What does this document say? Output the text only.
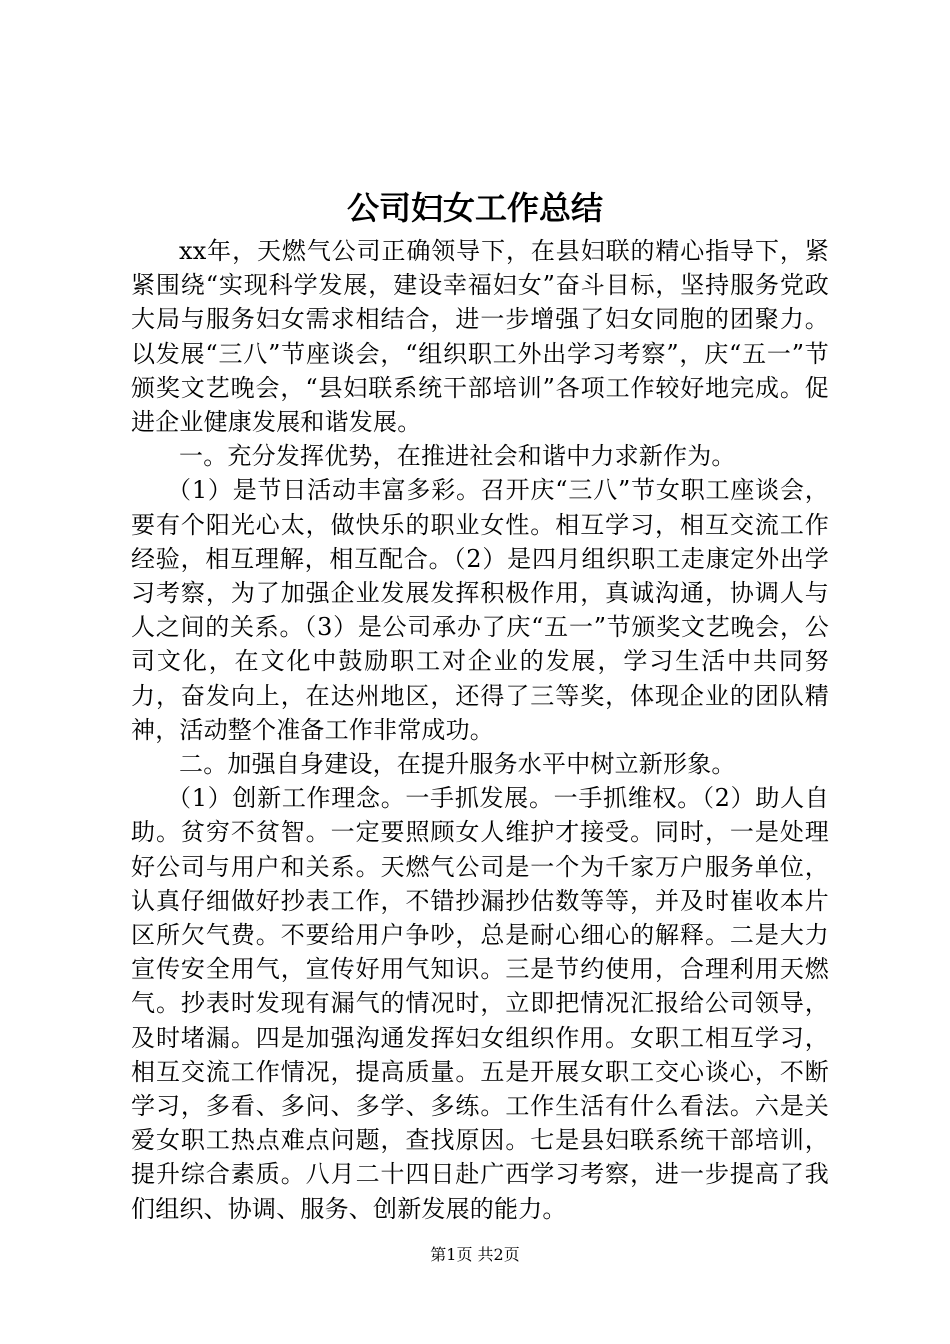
公司妇女工作总结

xx年，天燃气公司正确领导下，在县妇联的精心指导下，紧紧围绕“实现科学发展，建设幸福妇女”奋斗目标，坚持服务党政大局与服务妇女需求相结合，进一步增强了妇女同胞的团聚力。以发展“三八”节座谈会，“组织职工外出学习考察”，庆“五一”节颁奖文艺晚会，“县妇联系统干部培训”各项工作较好地完成。促进企业健康发展和谐发展。

一。充分发挥优势，在推进社会和谐中力求新作为。

（1）是节日活动丰富多彩。召开庆“三八”节女职工座谈会，要有个阳光心太，做快乐的职业女性。相互学习，相互交流工作经验，相互理解，相互配合。（2）是四月组织职工走康定外出学习考察，为了加强企业发展发挥积极作用，真诚沟通，协调人与人之间的关系。（3）是公司承办了庆“五一”节颁奖文艺晚会，公司文化，在文化中鼓励职工对企业的发展，学习生活中共同努力，奋发向上，在达州地区，还得了三等奖，体现企业的团队精神，活动整个准备工作非常成功。

二。加强自身建设，在提升服务水平中树立新形象。

（1）创新工作理念。一手抓发展。一手抓维权。（2）助人自助。贫穷不贫智。一定要照顾女人维护才接受。同时，一是处理好公司与用户和关系。天燃气公司是一个为千家万户服务单位，认真仔细做好抄表工作，不错抄漏抄估数等等，并及时崔收本片区所欠气费。不要给用户争吵，总是耐心细心的解释。二是大力宣传安全用气，宣传好用气知识。三是节约使用，合理利用天燃气。抄表时发现有漏气的情况时，立即把情况汇报给公司领导，及时堵漏。四是加强沟通发挥妇女组织作用。女职工相互学习，相互交流工作情况，提高质量。五是开展女职工交心谈心，不断学习，多看、多问、多学、多练。工作生活有什么看法。六是关爱女职工热点难点问题，查找原因。七是县妇联系统干部培训，提升综合素质。八月二十四日赴广西学习考察，进一步提高了我们组织、协调、服务、创新发展的能力。

第1页 共2页
